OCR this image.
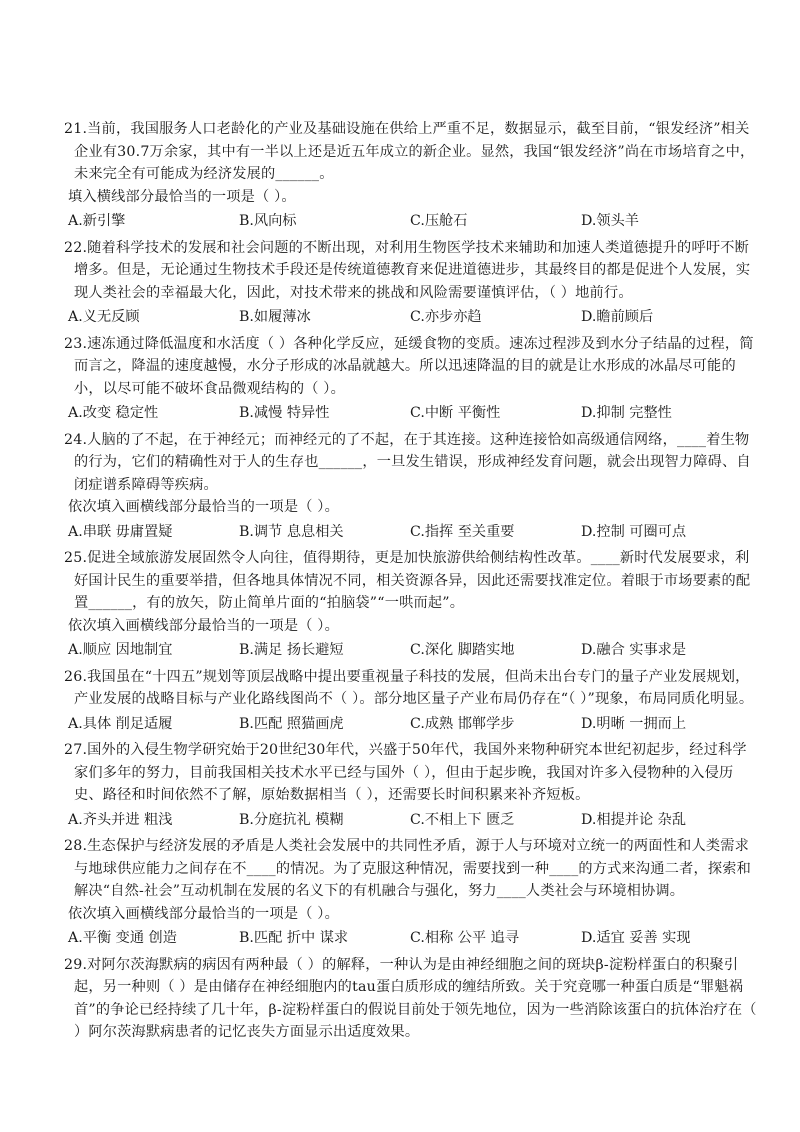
21.当前，我国服务人口老龄化的产业及基础设施在供给上严重不足，数据显示，截至目前，“银发经济”相关企业有30.7万余家，其中有一半以上还是近五年成立的新企业。显然，我国“银发经济”尚在市场培育之中，未来完全有可能成为经济发展的______。

填入横线部分最恰当的一项是（ ）。

A.新引擎	B.风向标	C.压舱石	D.领头羊

22.随着科学技术的发展和社会问题的不断出现，对利用生物医学技术来辅助和加速人类道德提升的呼吁不断增多。但是，无论通过生物技术手段还是传统道德教育来促进道德进步，其最终目的都是促进个人发展，实现人类社会的幸福最大化，因此，对技术带来的挑战和风险需要谨慎评估，（ ）地前行。

A.义无反顾	B.如履薄冰	C.亦步亦趋	D.瞻前顾后

23.速冻通过降低温度和水活度（ ）各种化学反应，延缓食物的变质。速冻过程涉及到水分子结晶的过程，简而言之，降温的速度越慢，水分子形成的冰晶就越大。所以迅速降温的目的就是让水形成的冰晶尽可能的小，以尽可能不破坏食品微观结构的（ ）。

A.改变 稳定性	B.减慢 特异性	C.中断 平衡性	D.抑制 完整性

24.人脑的了不起，在于神经元；而神经元的了不起，在于其连接。这种连接恰如高级通信网络，____着生物的行为，它们的精确性对于人的生存也______，一旦发生错误，形成神经发育问题，就会出现智力障碍、自闭症谱系障碍等疾病。

依次填入画横线部分最恰当的一项是（ ）。

A.串联 毋庸置疑	B.调节 息息相关	C.指挥 至关重要	D.控制 可圈可点

25.促进全域旅游发展固然令人向往，值得期待，更是加快旅游供给侧结构性改革。____新时代发展要求，利好国计民生的重要举措，但各地具体情况不同，相关资源各异，因此还需要找准定位。着眼于市场要素的配置______，有的放矢，防止简单片面的“拍脑袋”“一哄而起”。

依次填入画横线部分最恰当的一项是（ ）。

A.顺应 因地制宜	B.满足 扬长避短	C.深化 脚踏实地	D.融合 实事求是

26.我国虽在“十四五”规划等顶层战略中提出要重视量子科技的发展，但尚未出台专门的量子产业发展规划，产业发展的战略目标与产业化路线图尚不（ ）。部分地区量子产业布局仍存在“（ ）”现象，布局同质化明显。

A.具体 削足适履	B.匹配 照猫画虎	C.成熟 邯郸学步	D.明晰 一拥而上

27.国外的入侵生物学研究始于20世纪30年代，兴盛于50年代，我国外来物种研究本世纪初起步，经过科学家们多年的努力，目前我国相关技术水平已经与国外（ ），但由于起步晚，我国对许多入侵物种的入侵历史、路径和时间依然不了解，原始数据相当（ ），还需要长时间积累来补齐短板。

A.齐头并进 粗浅	B.分庭抗礼 模糊	C.不相上下 匮乏	D.相提并论 杂乱

28.生态保护与经济发展的矛盾是人类社会发展中的共同性矛盾，源于人与环境对立统一的两面性和人类需求与地球供应能力之间存在不____的情况。为了克服这种情况，需要找到一种____的方式来沟通二者，探索和解决“自然-社会”互动机制在发展的名义下的有机融合与强化，努力____人类社会与环境相协调。

依次填入画横线部分最恰当的一项是（ ）。

A.平衡 变通 创造	B.匹配 折中 谋求	C.相称 公平 追寻	D.适宜 妥善 实现

29.对阿尔茨海默病的病因有两种最（ ）的解释，一种认为是由神经细胞之间的斑块β-淀粉样蛋白的积聚引起，另一种则（ ）是由储存在神经细胞内的tau蛋白质形成的缠结所致。关于究竟哪一种蛋白质是“罪魁祸首”的争论已经持续了几十年，β-淀粉样蛋白的假说目前处于领先地位，因为一些消除该蛋白的抗体治疗在（ ）阿尔茨海默病患者的记忆丧失方面显示出适度效果。
